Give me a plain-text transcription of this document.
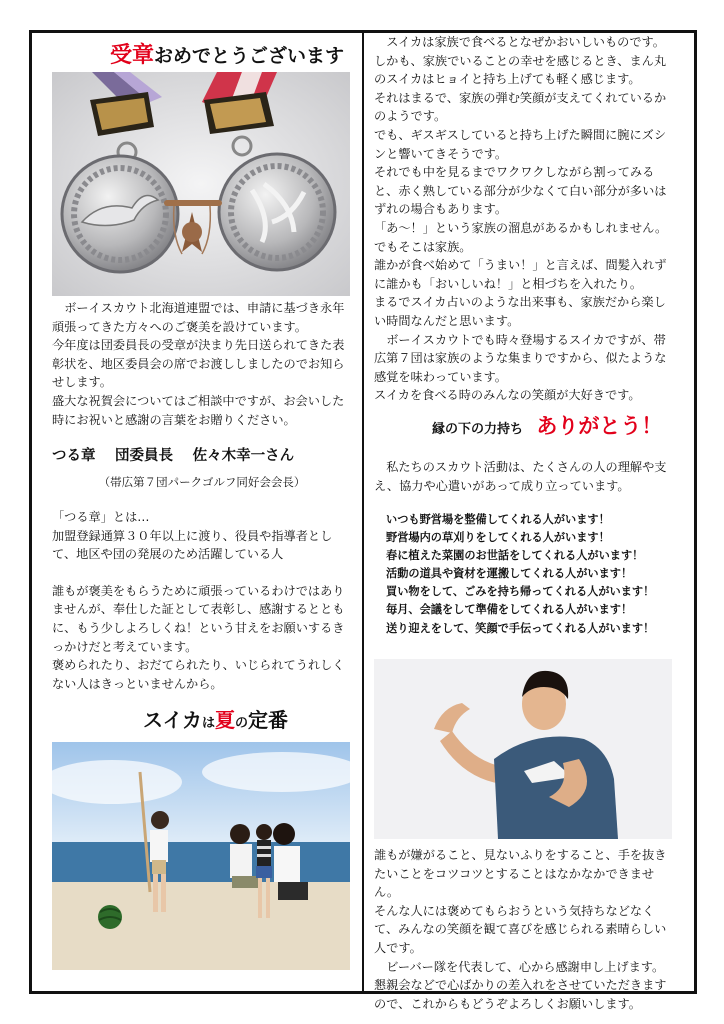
受章おめでとうございます

ボーイスカウト北海道連盟では、申請に基づき永年頑張ってきた方々へのご褒美を設けています。

今年度は団委員長の受章が決まり先日送られてきた表彰状を、地区委員会の席でお渡ししましたのでお知らせします。

盛大な祝賀会についてはご相談中ですが、お会いした時にお祝いと感謝の言葉をお贈りください。

つる章　 団委員長　 佐々木幸一さん
（帯広第７団パークゴルフ同好会会長）

「つる章」とは…

加盟登録通算３０年以上に渡り、役員や指導者として、地区や団の発展のため活躍している人

誰もが褒美をもらうために頑張っているわけではありませんが、奉仕した証として表彰し、感謝するとともに、もう少しよろしくね！という甘えをお願いするきっかけだと考えています。

褒められたり、おだてられたり、いじられてうれしくない人はきっといませんから。

スイカは夏の定番

スイカは家族で食べるとなぜかおいしいものです。

しかも、家族でいることの幸せを感じるとき、まん丸のスイカはヒョイと持ち上げても軽く感じます。

それはまるで、家族の弾む笑顔が支えてくれているかのようです。

でも、ギスギスしていると持ち上げた瞬間に腕にズシンと響いてきそうです。

それでも中を見るまでワクワクしながら割ってみると、赤く熟している部分が少なくて白い部分が多いはずれの場合もあります。

「あ～！」という家族の溜息があるかもしれません。

でもそこは家族。

誰かが食べ始めて「うまい！」と言えば、間髪入れずに誰かも「おいしいね！」と相づちを入れたり。

まるでスイカ占いのような出来事も、家族だから楽しい時間なんだと思います。

ボーイスカウトでも時々登場するスイカですが、帯広第７団は家族のような集まりですから、似たような感覚を味わっています。

スイカを食べる時のみんなの笑顔が大好きです。

縁の下の力持ち ありがとう！

私たちのスカウト活動は、たくさんの人の理解や支え、協力や心遣いがあって成り立っています。

いつも野営場を整備してくれる人がいます！

野営場内の草刈りをしてくれる人がいます！

春に植えた菜園のお世話をしてくれる人がいます！

活動の道具や資材を運搬してくれる人がいます！

買い物をして、ごみを持ち帰ってくれる人がいます！

毎月、会議をして準備をしてくれる人がいます！

送り迎えをして、笑顔で手伝ってくれる人がいます！

誰もが嫌がること、見ないふりをすること、手を抜きたいことをコツコツとすることはなかなかできません。

そんな人には褒めてもらおうという気持ちなどなくて、みんなの笑顔を観て喜びを感じられる素晴らしい人です。

ビーバー隊を代表して、心から感謝申し上げます。

懇親会などで心ばかりの差入れをさせていただきますので、これからもどうぞよろしくお願いします。
